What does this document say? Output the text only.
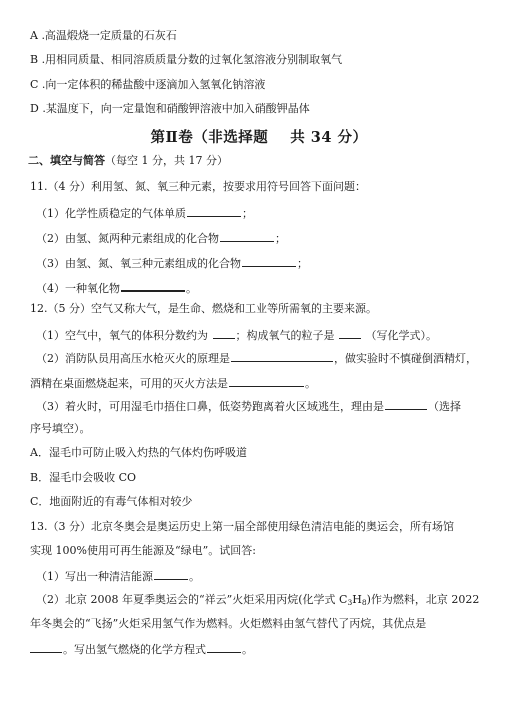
A .高温煅烧一定质量的石灰石
B .用相同质量、相同溶质质量分数的过氧化氢溶液分别制取氧气
C .向一定体积的稀盐酸中逐滴加入氢氧化钠溶液
D .某温度下，向一定量饱和硝酸钾溶液中加入硝酸钾晶体
第Ⅱ卷（非选择题 共 34 分）
二、填空与简答（每空 1 分，共 17 分）
11.（4 分）利用氢、氮、氧三种元素，按要求用符号回答下面问题：
（1）化学性质稳定的气体单质	；
（2）由氢、氮两种元素组成的化合物	；
（3）由氢、氮、氧三种元素组成的化合物	；
（4）一种氧化物	。
12.（5 分）空气又称大气，是生命、燃烧和工业等所需氧的主要来源。
（1）空气中，氧气的体积分数约为	；构成氧气的粒子是	（写化学式）。
（2）消防队员用高压水枪灭火的原理是	，做实验时不慎碰倒酒精灯，
酒精在桌面燃烧起来，可用的灭火方法是	。
（3）着火时，可用湿毛巾捂住口鼻，低姿势跑离着火区域逃生，理由是	（选择
序号填空）。
A．湿毛巾可防止吸入灼热的气体灼伤呼吸道
B．湿毛巾会吸收 CO
C．地面附近的有毒气体相对较少
13.（3 分）北京冬奥会是奥运历史上第一届全部使用绿色清洁电能的奥运会，所有场馆
实现 100%使用可再生能源及“绿电”。试回答:
（1）写出一种清洁能源	。
（2）北京 2008 年夏季奥运会的“祥云”火炬采用丙烷(化学式 $C_3H_8$)作为燃料，北京 2022
年冬奥会的“飞扬”火炬采用氢气作为燃料。火炬燃料由氢气替代了丙烷，其优点是
。写出氢气燃烧的化学方程式	。
